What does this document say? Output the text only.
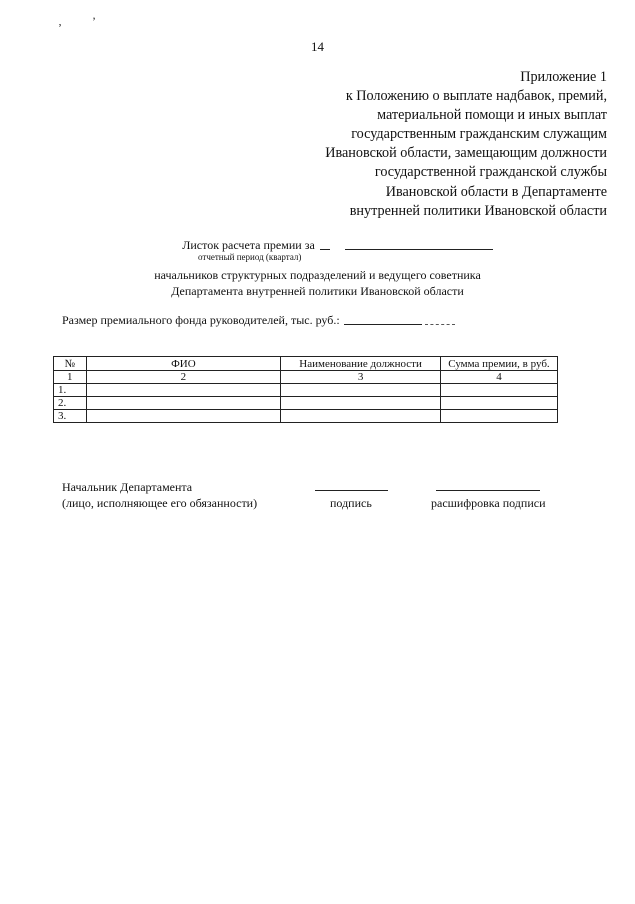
‚          ’
14
Приложение 1
к Положению о выплате надбавок, премий,
материальной помощи и иных выплат
государственным гражданским служащим
Ивановской области, замещающим должности
государственной гражданской службы
Ивановской области в Департаменте
внутренней политики Ивановской области
Листок расчета премии за
отчетный период (квартал)
начальников структурных подразделений и ведущего советника
Департамента внутренней политики Ивановской области
Размер премиального фонда руководителей, тыс. руб.:
№	ФИО	Наименование должности	Сумма премии, в руб.
1	2	3	4
1.			
2.			
3.			
Начальник Департамента
(лицо, исполняющее его обязанности)	подпись	расшифровка подписи
